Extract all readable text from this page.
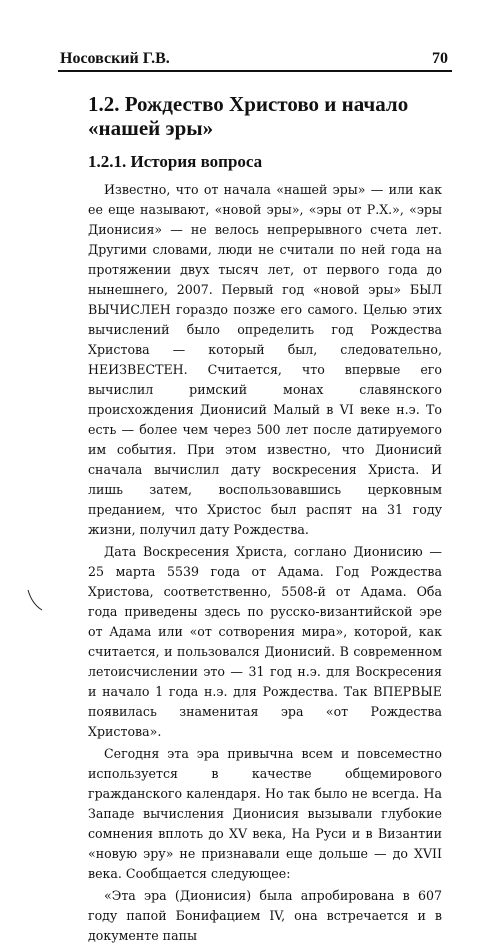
Носовский Г.В.	70
1.2. Рождество Христово и начало «нашей эры»
1.2.1. История вопроса

Известно, что от начала «нашей эры» — или как ее еще называют, «новой эры», «эры от Р.Х.», «эры Дионисия» — не велось непрерывного счета лет. Другими словами, люди не считали по ней года на протяжении двух тысяч лет, от первого года до нынешнего, 2007. Первый год «новой эры» БЫЛ ВЫЧИСЛЕН гораздо позже его самого. Целью этих вычислений было определить год Рождества Христова — который был, следовательно, НЕИЗВЕСТЕН. Считается, что впервые его вычислил римский монах славянского происхождения Дионисий Малый в VI веке н.э. То есть — более чем через 500 лет после датируемого им события. При этом известно, что Дионисий сначала вычислил дату воскресения Христа. И лишь затем, воспользовавшись церковным преданием, что Христос был распят на 31 году жизни, получил дату Рождества.

Дата Воскресения Христа, соглано Дионисию — 25 марта 5539 года от Адама. Год Рождества Христова, соответственно, 5508-й от Адама. Оба года приведены здесь по русско-византийской эре от Адама или «от сотворения мира», которой, как считается, и пользовался Дионисий. В современном летоисчислении это — 31 год н.э. для Воскресения и начало 1 года н.э. для Рождества. Так ВПЕРВЫЕ появилась знаменитая эра «от Рождества Христова».

Сегодня эта эра привычна всем и повсеместно используется в качестве общемирового гражданского календаря. Но так было не всегда. На Западе вычисления Дионисия вызывали глубокие сомнения вплоть до XV века, На Руси и в Византии «новую эру» не признавали еще дольше — до XVII века. Сообщается следующее:

«Эта эра (Дионисия) была апробирована в 607 году папой Бонифацием IV, она встречается и в документе папы
